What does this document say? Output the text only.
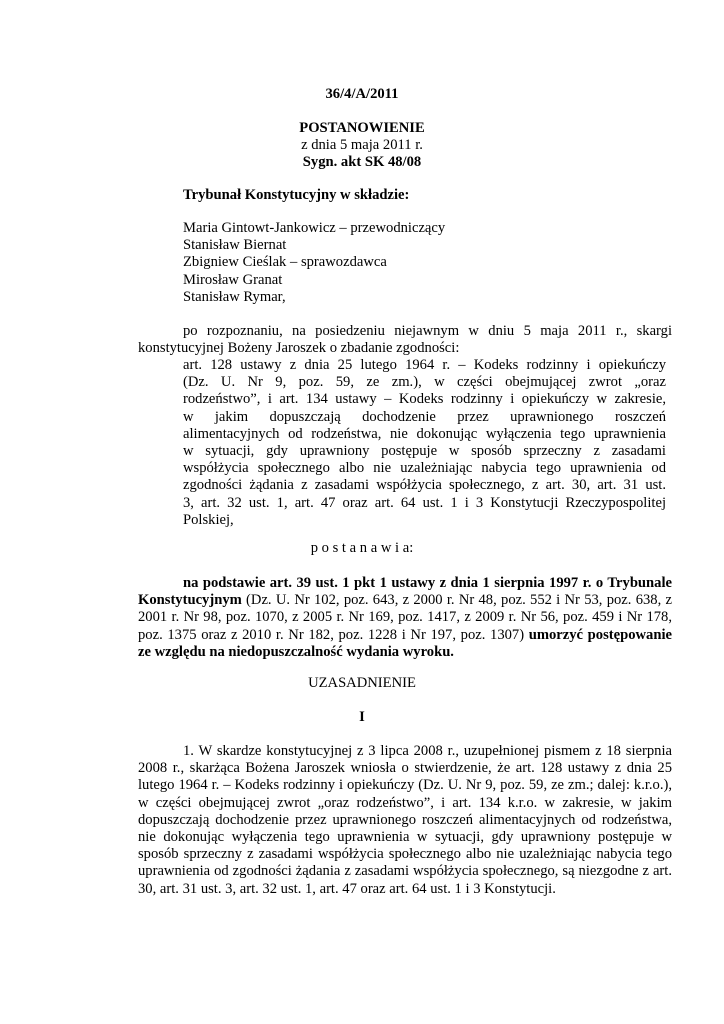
36/4/A/2011
POSTANOWIENIE
z dnia 5 maja 2011 r.
Sygn. akt SK 48/08
Trybunał Konstytucyjny w składzie:
Maria Gintowt-Jankowicz – przewodniczący
Stanisław Biernat
Zbigniew Cieślak – sprawozdawca
Mirosław Granat
Stanisław Rymar,
po rozpoznaniu, na posiedzeniu niejawnym w dniu 5 maja 2011 r., skargi
konstytucyjnej Bożeny Jaroszek o zbadanie zgodności:
art. 128 ustawy z dnia 25 lutego 1964 r. – Kodeks rodzinny i opiekuńczy
(Dz. U. Nr 9, poz. 59, ze zm.), w części obejmującej zwrot „oraz
rodzeństwo”, i art. 134 ustawy – Kodeks rodzinny i opiekuńczy w zakresie,
w jakim dopuszczają dochodzenie przez uprawnionego roszczeń
alimentacyjnych od rodzeństwa, nie dokonując wyłączenia tego uprawnienia
w sytuacji, gdy uprawniony postępuje w sposób sprzeczny z zasadami
współżycia społecznego albo nie uzależniając nabycia tego uprawnienia od
zgodności żądania z zasadami współżycia społecznego, z art. 30, art. 31 ust.
3, art. 32 ust. 1, art. 47 oraz art. 64 ust. 1 i 3 Konstytucji Rzeczypospolitej
Polskiej,
p o s t a n a w i a:
na podstawie art. 39 ust. 1 pkt 1 ustawy z dnia 1 sierpnia 1997 r. o Trybunale Konstytucyjnym (Dz. U. Nr 102, poz. 643, z 2000 r. Nr 48, poz. 552 i Nr 53, poz. 638, z 2001 r. Nr 98, poz. 1070, z 2005 r. Nr 169, poz. 1417, z 2009 r. Nr 56, poz. 459 i Nr 178, poz. 1375 oraz z 2010 r. Nr 182, poz. 1228 i Nr 197, poz. 1307) umorzyć postępowanie ze względu na niedopuszczalność wydania wyroku.
UZASADNIENIE
I
1. W skardze konstytucyjnej z 3 lipca 2008 r., uzupełnionej pismem z 18 sierpnia 2008 r., skarżąca Bożena Jaroszek wniosła o stwierdzenie, że art. 128 ustawy z dnia 25 lutego 1964 r. – Kodeks rodzinny i opiekuńczy (Dz. U. Nr 9, poz. 59, ze zm.; dalej: k.r.o.), w części obejmującej zwrot „oraz rodzeństwo”, i art. 134 k.r.o. w zakresie, w jakim dopuszczają dochodzenie przez uprawnionego roszczeń alimentacyjnych od rodzeństwa, nie dokonując wyłączenia tego uprawnienia w sytuacji, gdy uprawniony postępuje w sposób sprzeczny z zasadami współżycia społecznego albo nie uzależniając nabycia tego uprawnienia od zgodności żądania z zasadami współżycia społecznego, są niezgodne z art. 30, art. 31 ust. 3, art. 32 ust. 1, art. 47 oraz art. 64 ust. 1 i 3 Konstytucji.
